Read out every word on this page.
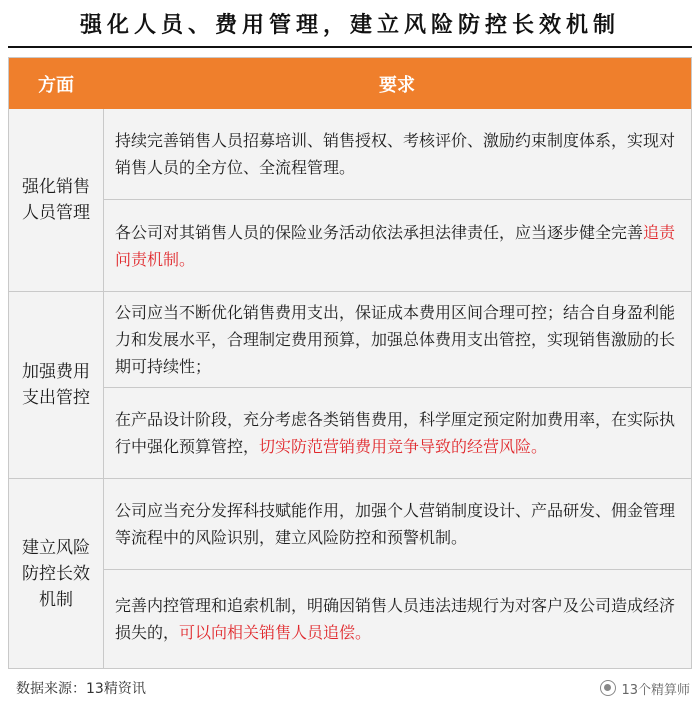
强化人员、费用管理，建立风险防控长效机制
方面	要求
强化销售人员管理
持续完善销售人员招募培训、销售授权、考核评价、激励约束制度体系，实现对销售人员的全方位、全流程管理。
各公司对其销售人员的保险业务活动依法承担法律责任，应当逐步健全完善追责问责机制。
加强费用支出管控
公司应当不断优化销售费用支出，保证成本费用区间合理可控；结合自身盈利能力和发展水平，合理制定费用预算，加强总体费用支出管控，实现销售激励的长期可持续性；
在产品设计阶段，充分考虑各类销售费用，科学厘定预定附加费用率，在实际执行中强化预算管控，切实防范营销费用竞争导致的经营风险。
建立风险防控长效机制
公司应当充分发挥科技赋能作用，加强个人营销制度设计、产品研发、佣金管理等流程中的风险识别，建立风险防控和预警机制。
完善内控管理和追索机制，明确因销售人员违法违规行为对客户及公司造成经济损失的，可以向相关销售人员追偿。
数据来源：13精资讯	13个精算师
